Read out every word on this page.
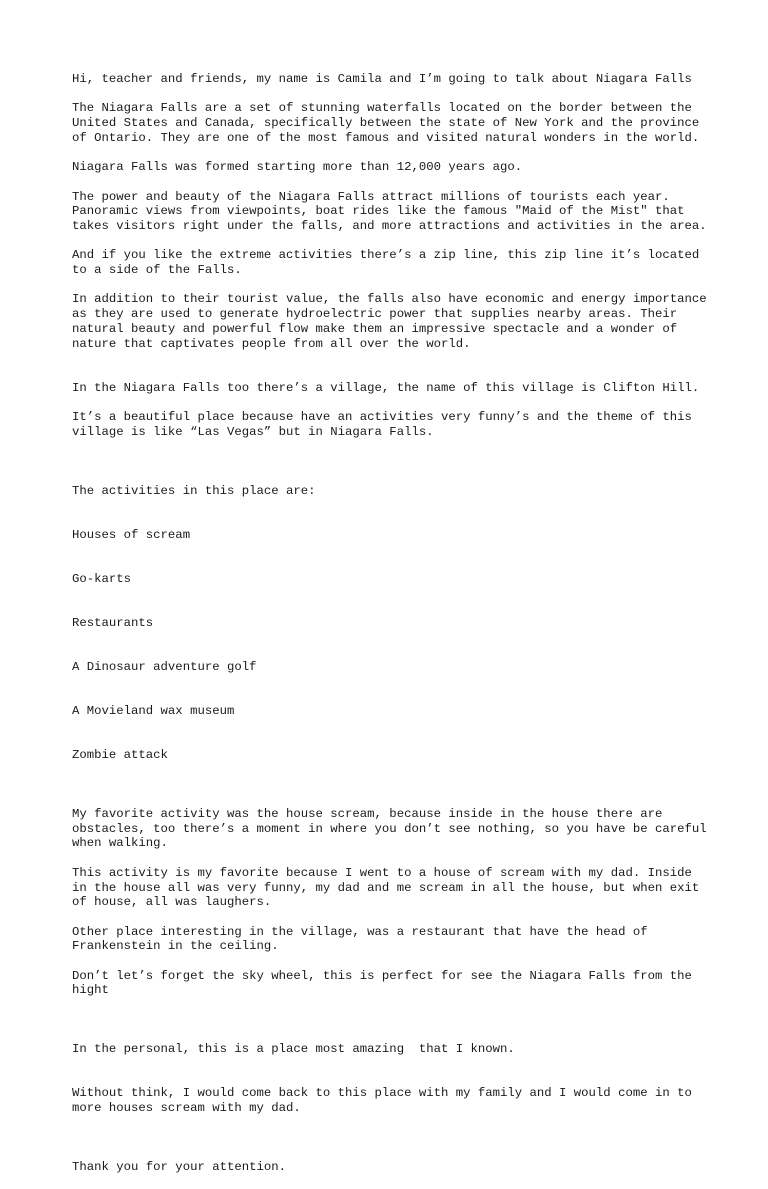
Hi, teacher and friends, my name is Camila and I’m going to talk about Niagara Falls

The Niagara Falls are a set of stunning waterfalls located on the border between the United States and Canada, specifically between the state of New York and the province of Ontario. They are one of the most famous and visited natural wonders in the world.

Niagara Falls was formed starting more than 12,000 years ago.

The power and beauty of the Niagara Falls attract millions of tourists each year. Panoramic views from viewpoints, boat rides like the famous "Maid of the Mist" that takes visitors right under the falls, and more attractions and activities in the area.

And if you like the extreme activities there’s a zip line, this zip line it’s located to a side of the Falls.

In addition to their tourist value, the falls also have economic and energy importance as they are used to generate hydroelectric power that supplies nearby areas. Their natural beauty and powerful flow make them an impressive spectacle and a wonder of nature that captivates people from all over the world.

In the Niagara Falls too there’s a village, the name of this village is Clifton Hill.

It’s a beautiful place because have an activities very funny’s and the theme of this village is like “Las Vegas” but in Niagara Falls.

The activities in this place are:

Houses of scream

Go-karts

Restaurants

A Dinosaur adventure golf

A Movieland wax museum

Zombie attack

My favorite activity was the house scream, because inside in the house there are obstacles, too there’s a moment in where you don’t see nothing, so you have be careful when walking.

This activity is my favorite because I went to a house of scream with my dad. Inside in the house all was very funny, my dad and me scream in all the house, but when exit of house, all was laughers.

Other place interesting in the village, was a restaurant that have the head of Frankenstein in the ceiling.

Don’t let’s forget the sky wheel, this is perfect for see the Niagara Falls from the hight

In the personal, this is a place most amazing  that I known.

Without think, I would come back to this place with my family and I would come in to more houses scream with my dad.

Thank you for your attention.
